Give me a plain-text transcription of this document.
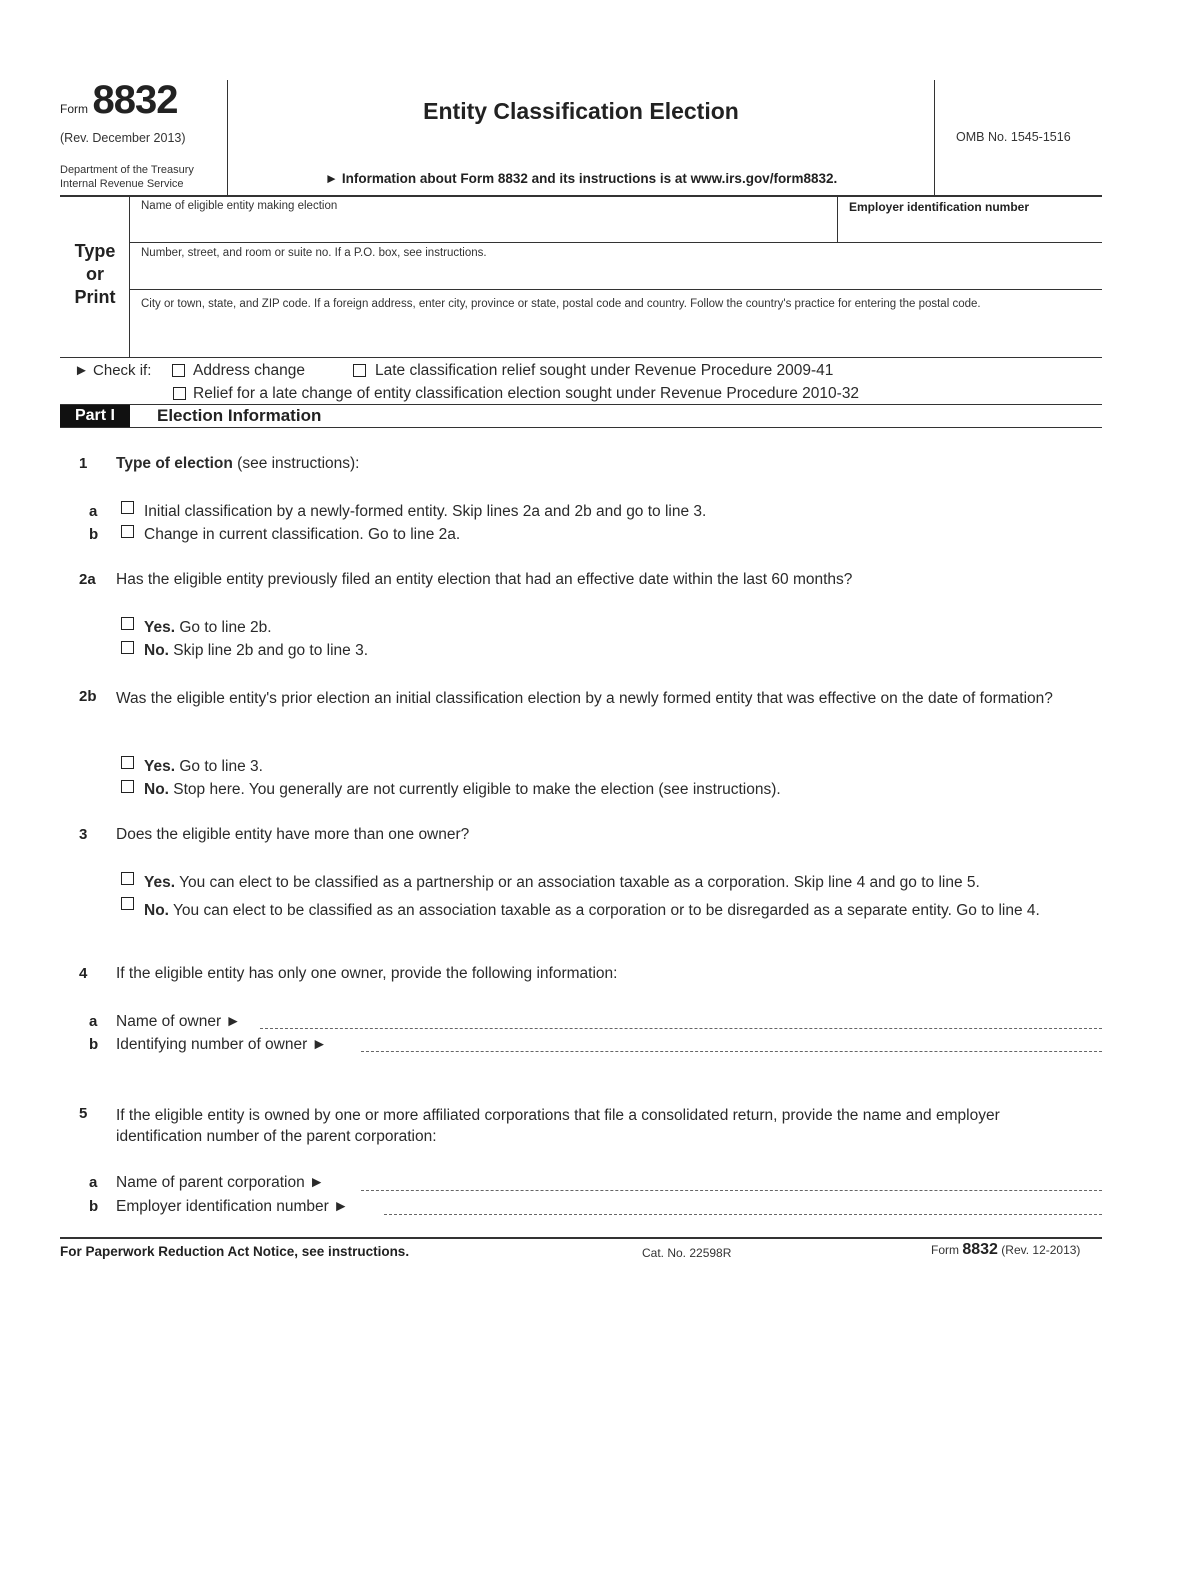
Form 8832
(Rev. December 2013)
Department of the Treasury
Internal Revenue Service
Entity Classification Election
► Information about Form 8832 and its instructions is at www.irs.gov/form8832.
OMB No. 1545-1516
Type
or
Print
Name of eligible entity making election	Employer identification number
Number, street, and room or suite no. If a P.O. box, see instructions.
City or town, state, and ZIP code. If a foreign address, enter city, province or state, postal code and country. Follow the country's practice for entering the postal code.
► Check if:	Address change	Late classification relief sought under Revenue Procedure 2009-41
Relief for a late change of entity classification election sought under Revenue Procedure 2010-32
Part I	Election Information
1 Type of election (see instructions):
a	Initial classification by a newly-formed entity. Skip lines 2a and 2b and go to line 3.
b	Change in current classification. Go to line 2a.
2a Has the eligible entity previously filed an entity election that had an effective date within the last 60 months?
Yes. Go to line 2b.
No. Skip line 2b and go to line 3.
2b Was the eligible entity's prior election an initial classification election by a newly formed entity that was effective on the date of formation?
Yes. Go to line 3.
No. Stop here. You generally are not currently eligible to make the election (see instructions).
3 Does the eligible entity have more than one owner?
Yes. You can elect to be classified as a partnership or an association taxable as a corporation. Skip line 4 and go to line 5.
No. You can elect to be classified as an association taxable as a corporation or to be disregarded as a separate entity. Go to line 4.
4 If the eligible entity has only one owner, provide the following information:
a Name of owner ►
b Identifying number of owner ►
5 If the eligible entity is owned by one or more affiliated corporations that file a consolidated return, provide the name and employer identification number of the parent corporation:
a Name of parent corporation ►
b Employer identification number ►
For Paperwork Reduction Act Notice, see instructions.	Cat. No. 22598R	Form 8832 (Rev. 12-2013)
